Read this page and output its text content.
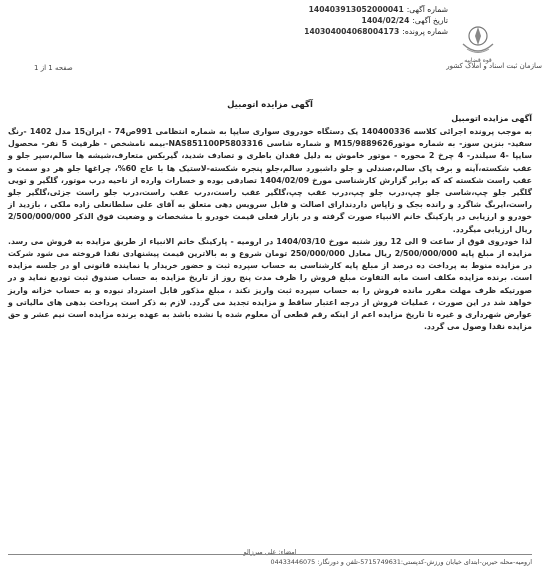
شماره آگهی:
140403913052000041
تاریخ آگهی:
1404/02/24
شماره پرونده:
140304004068004173
قوه قضاییه
سازمان ثبت اسناد و املاک کشور
صفحه 1 از 1
آگهی مزایده اتومبیل
آگهی مزایده اتومبیل

به موجب پرونده اجرائی کلاسه 140400336 یک دستگاه خودروی سواری سایپا به شماره انتظامی 991ص74 - ایران15 مدل 1402 -رنگ سفید- بنزین سوز- به شماره موتورM15/9889626 و شماره شاسی NAS851100P5803316-بیمه نامشخص - ظرفیت 5 نفر- محصول سایپا -4 سیلندر- 4 چرخ 2 محوره - موتور خاموش به دلیل فقدان باطری و تصادف شدید، گیربکس متعارف،شیشه ها سالم،سپر جلو و عقب شکسته،آینه و برف پاک سالم،صندلی و جلو داشبورد سالم،جلو پنجره شکسته-لاستیک ها با عاج 60%، چراغها جلو هر دو سمت و عقب راست شکسته که که برابر گزارش کارشناسی مورخ 1404/02/09 تصادفی بوده و خسارات وارده از ناحیه درب موتور، گلگیر و تویی گلگیر جلو چپ،شاسی جلو چپ،درب جلو چپ،درب عقب چپ،گلگیر عقب راست،درب عقب راست،درب جلو راست جزئی،گلگیر جلو راست،ایربگ شاگرد و رانده بجک و زاپاس داردندارای اصالت و فابل سرویس دهی متعلق به آقای علی سلطانعلی زاده ملکی ، بازدید از خودرو و ارزیابی در پارکینگ خانم الانبیاء صورت گرفته و در بازار فعلی قیمت خودرو با مشخصات و وضعیت فوق الذکر 2/500/000/000 ریال ارزیابی میگردد.

لذا خودروی فوق از ساعت 9 الی 12 روز شنبه مورخ 1404/03/10 در ارومیه - پارکینگ خاتم الانبیاء از طریق مزایده به فروش می رسد. مزایده از مبلغ پایه 2/500/000/000 ریال معادل 250/000/000 تومان شروع و به بالاترین قیمت پیشنهادی نقدا فروخته می شود شرکت در مزایده منوط به پرداخت ده درصد از مبلغ پایه کارشناسی به حساب سپرده ثبت و حضور خریدار یا نماینده قانونی او در جلسه مزایده است. برنده مزایده مکلف است مابه التفاوت مبلغ فروش را ظرف مدت پنج روز از تاریخ مزایده به حساب صندوق ثبت تودیع نماید و در صورتیکه ظرف مهلت مقرر مانده فروش را به حساب سپرده ثبت واریز نکند ، مبلغ مذکور قابل استرداد نبوده و به حساب خزانه واریز خواهد شد در این صورت ، عملیات فروش از درجه اعتبار ساقط و مزایده تجدید می گردد. لازم به ذکر است پرداخت بدهی های مالیاتی و عوارض شهرداری و غیره تا تاریخ مزایده اعم از اینکه رقم قطعی آن معلوم شده یا نشده باشد به عهده برنده مزایده است نیم عشر و حق مزایده نقدا وصول می گردد.

امضاء: علی میرزالو
ارومیه-محله حیرین-ابتدای خیابان ورزش-کدپستی:5715749631-تلفن و دورنگار: 04433446075
